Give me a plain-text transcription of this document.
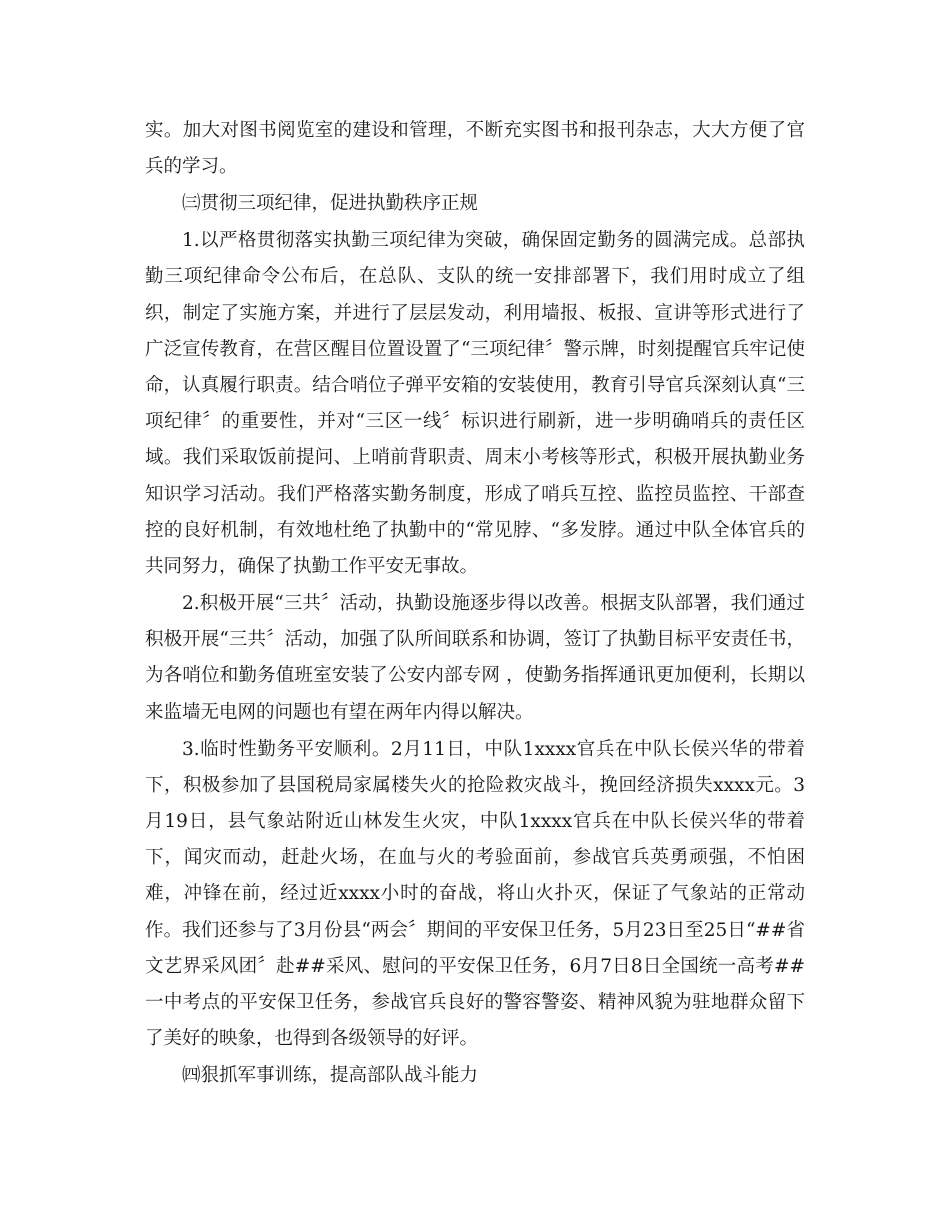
实。加大对图书阅览室的建设和管理，不断充实图书和报刊杂志，大大方便了官兵的学习。

㈢贯彻三项纪律，促进执勤秩序正规

1.以严格贯彻落实执勤三项纪律为突破，确保固定勤务的圆满完成。总部执勤三项纪律命令公布后，在总队、支队的统一安排部署下，我们用时成立了组织，制定了实施方案，并进行了层层发动，利用墙报、板报、宣讲等形式进行了广泛宣传教育，在营区醒目位置设置了“三项纪律〞警示牌，时刻提醒官兵牢记使命，认真履行职责。结合哨位子弹平安箱的安装使用，教育引导官兵深刻认真“三项纪律〞的重要性，并对“三区一线〞标识进行刷新，进一步明确哨兵的责任区域。我们采取饭前提问、上哨前背职责、周末小考核等形式，积极开展执勤业务知识学习活动。我们严格落实勤务制度，形成了哨兵互控、监控员监控、干部查控的良好机制，有效地杜绝了执勤中的“常见脖、“多发脖。通过中队全体官兵的共同努力，确保了执勤工作平安无事故。

2.积极开展“三共〞活动，执勤设施逐步得以改善。根据支队部署，我们通过积极开展“三共〞活动，加强了队所间联系和协调，签订了执勤目标平安责任书，为各哨位和勤务值班室安装了公安内部专网 ，使勤务指挥通讯更加便利，长期以来监墙无电网的问题也有望在两年内得以解决。

3.临时性勤务平安顺利。2月11日，中队1xxxx官兵在中队长侯兴华的带着下，积极参加了县国税局家属楼失火的抢险救灾战斗，挽回经济损失xxxx元。3月19日，县气象站附近山林发生火灾，中队1xxxx官兵在中队长侯兴华的带着下，闻灾而动，赶赴火场，在血与火的考验面前，参战官兵英勇顽强，不怕困难，冲锋在前，经过近xxxx小时的奋战，将山火扑灭，保证了气象站的正常动作。我们还参与了3月份县“两会〞期间的平安保卫任务，5月23日至25日“##省文艺界采风团〞赴##采风、慰问的平安保卫任务，6月7日8日全国统一高考##一中考点的平安保卫任务，参战官兵良好的警容警姿、精神风貌为驻地群众留下了美好的映象，也得到各级领导的好评。

㈣狠抓军事训练，提高部队战斗能力
